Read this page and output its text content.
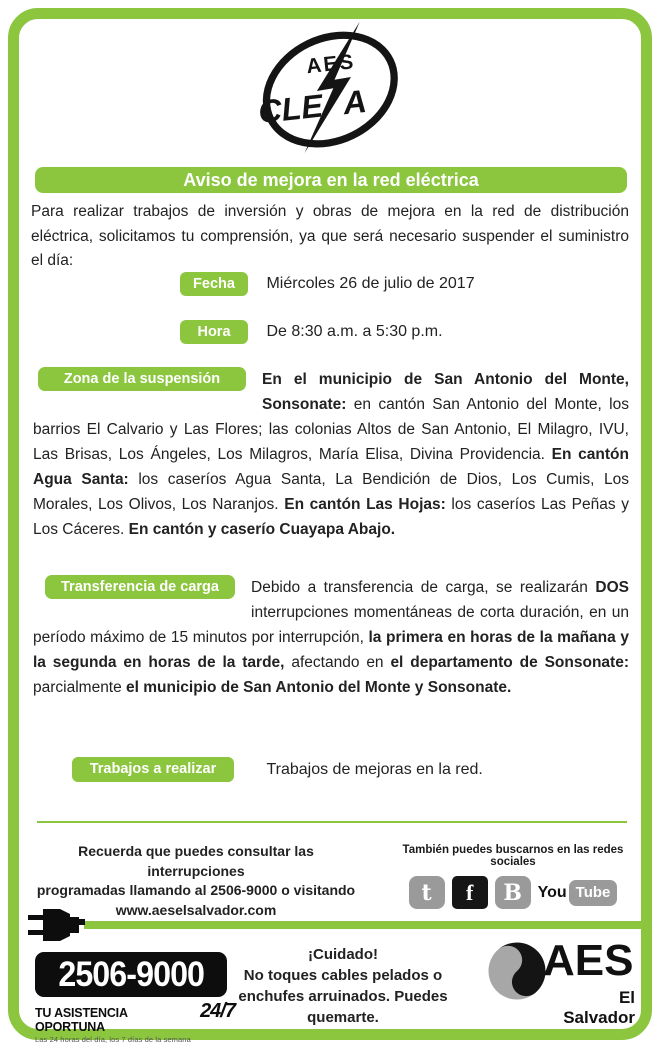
AES
CLE A
Aviso de mejora en la red eléctrica

Para realizar trabajos de inversión y obras de mejora en la red de distribución eléctrica, solicitamos tu comprensión, ya que será necesario suspender el suministro el día:

Fecha Miércoles 26 de julio de 2017
Hora De 8:30 a.m. a 5:30 p.m.
Zona de la suspensión	En el municipio de San Antonio del Monte, Sonsonate: en cantón San Antonio del Monte, los barrios El Calvario y Las Flores; las colonias Altos de San Antonio, El Milagro, IVU, Las Brisas, Los Ángeles, Los Milagros, María Elisa, Divina Providencia. En cantón Agua Santa: los caseríos Agua Santa, La Bendición de Dios, Los Cumis, Los Morales, Los Olivos, Los Naranjos. En cantón Las Hojas: los caseríos Las Peñas y Los Cáceres. En cantón y caserío Cuayapa Abajo.
Transferencia de carga	Debido a transferencia de carga, se realizarán DOS interrupciones momentáneas de corta duración, en un período máximo de 15 minutos por interrupción, la primera en horas de la mañana y la segunda en horas de la tarde, afectando en el departamento de Sonsonate: parcialmente el municipio de San Antonio del Monte y Sonsonate.
Trabajos a realizar	Trabajos de mejoras en la red.
Recuerda que puedes consultar las interrupciones
programadas llamando al 2506-9000 o visitando
www.aeselsalvador.com
También puedes buscarnos en las redes sociales
t	f	B You Tube
2506-9000
TU ASISTENCIA OPORTUNA
24/7
Las 24 horas del día, los 7 días de la semana
¡Cuidado!
No toques cables pelados o
enchufes arruinados. Puedes
quemarte.
AES
El Salvador
